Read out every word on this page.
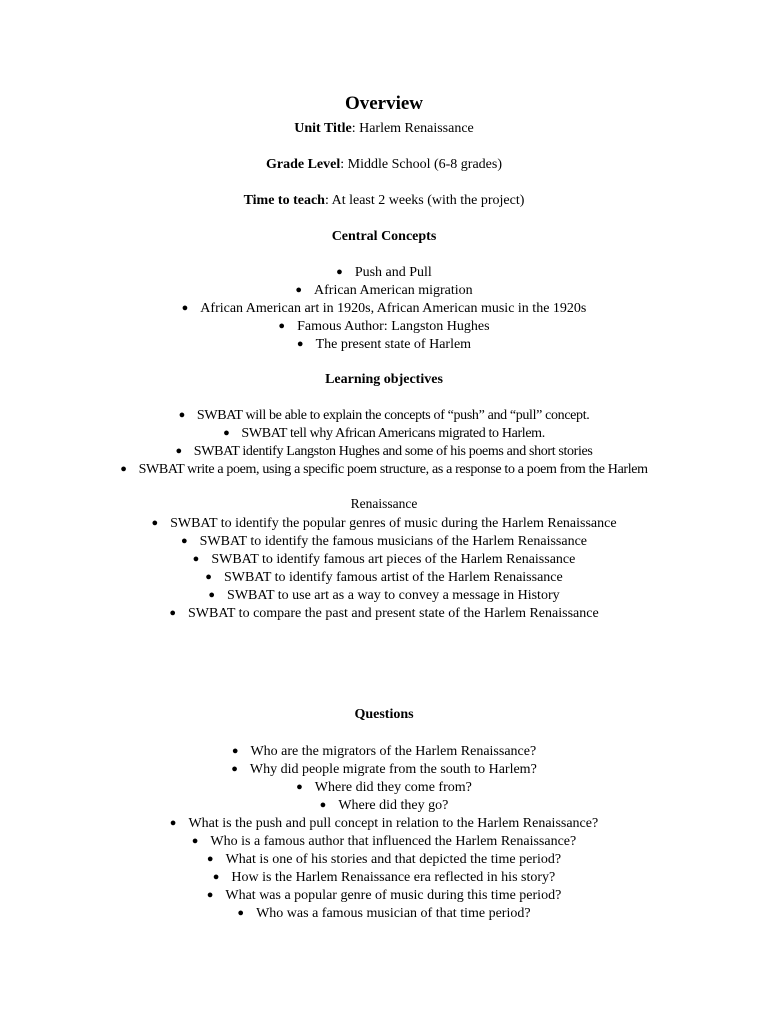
Overview
Unit Title: Harlem Renaissance
Grade Level: Middle School (6-8 grades)
Time to teach: At least 2 weeks (with the project)
Central Concepts
● Push and Pull
● African American migration
● African American art in 1920s, African American music in the 1920s
● Famous Author: Langston Hughes
● The present state of Harlem
Learning objectives
● SWBAT will be able to explain the concepts of “push” and “pull” concept.
● SWBAT tell why African Americans migrated to Harlem.
● SWBAT identify Langston Hughes and some of his poems and short stories
● SWBAT write a poem, using a specific poem structure, as a response to a poem from the Harlem
Renaissance
● SWBAT to identify the popular genres of music during the Harlem Renaissance
● SWBAT to identify the famous musicians of the Harlem Renaissance
● SWBAT to identify famous art pieces of the Harlem Renaissance
● SWBAT to identify famous artist of the Harlem Renaissance
● SWBAT to use art as a way to convey a message in History
● SWBAT to compare the past and present state of the Harlem Renaissance
Questions
● Who are the migrators of the Harlem Renaissance?
● Why did people migrate from the south to Harlem?
● Where did they come from?
● Where did they go?
● What is the push and pull concept in relation to the Harlem Renaissance?
● Who is a famous author that influenced the Harlem Renaissance?
● What is one of his stories and that depicted the time period?
● How is the Harlem Renaissance era reflected in his story?
● What was a popular genre of music during this time period?
● Who was a famous musician of that time period?
